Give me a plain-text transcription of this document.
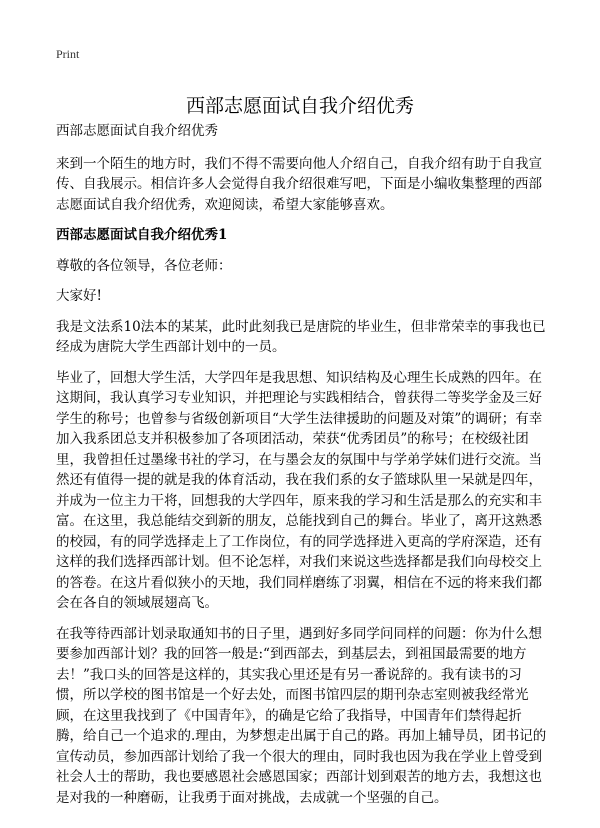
Print
西部志愿面试自我介绍优秀

西部志愿面试自我介绍优秀

来到一个陌生的地方时，我们不得不需要向他人介绍自己，自我介绍有助于自我宣传、自我展示。相信许多人会觉得自我介绍很难写吧，下面是小编收集整理的西部志愿面试自我介绍优秀，欢迎阅读，希望大家能够喜欢。

西部志愿面试自我介绍优秀1

尊敬的各位领导，各位老师：

大家好!

我是文法系10法本的某某，此时此刻我已是唐院的毕业生，但非常荣幸的事我也已经成为唐院大学生西部计划中的一员。

毕业了，回想大学生活，大学四年是我思想、知识结构及心理生长成熟的四年。在这期间，我认真学习专业知识，并把理论与实践相结合，曾获得二等奖学金及三好学生的称号；也曾参与省级创新项目“大学生法律援助的问题及对策”的调研；有幸加入我系团总支并积极参加了各项团活动，荣获“优秀团员”的称号；在校级社团里，我曾担任过墨缘书社的学习，在与墨会友的氛围中与学弟学妹们进行交流。当然还有值得一提的就是我的体育活动，我在我们系的女子篮球队里一呆就是四年，并成为一位主力干将，回想我的大学四年，原来我的学习和生活是那么的充实和丰富。在这里，我总能结交到新的朋友，总能找到自己的舞台。毕业了，离开这熟悉的校园，有的同学选择走上了工作岗位，有的同学选择进入更高的学府深造，还有这样的我们选择西部计划。但不论怎样，对我们来说这些选择都是我们向母校交上的答卷。在这片看似狭小的天地，我们同样磨练了羽翼，相信在不远的将来我们都会在各自的领域展翅高飞。

在我等待西部计划录取通知书的日子里，遇到好多同学问同样的问题：你为什么想要参加西部计划？我的回答一般是:“到西部去，到基层去，到祖国最需要的地方去！”我口头的回答是这样的，其实我心里还是有另一番说辞的。我有读书的习惯，所以学校的图书馆是一个好去处，而图书馆四层的期刊杂志室则被我经常光顾，在这里我找到了《中国青年》，的确是它给了我指导，中国青年们禁得起折腾，给自己一个追求的.理由，为梦想走出属于自己的路。再加上辅导员，团书记的宣传动员，参加西部计划给了我一个很大的理由，同时我也因为我在学业上曾受到社会人士的帮助，我也要感恩社会感恩国家；西部计划到艰苦的地方去，我想这也是对我的一种磨砺，让我勇于面对挑战，去成就一个坚强的自己。
